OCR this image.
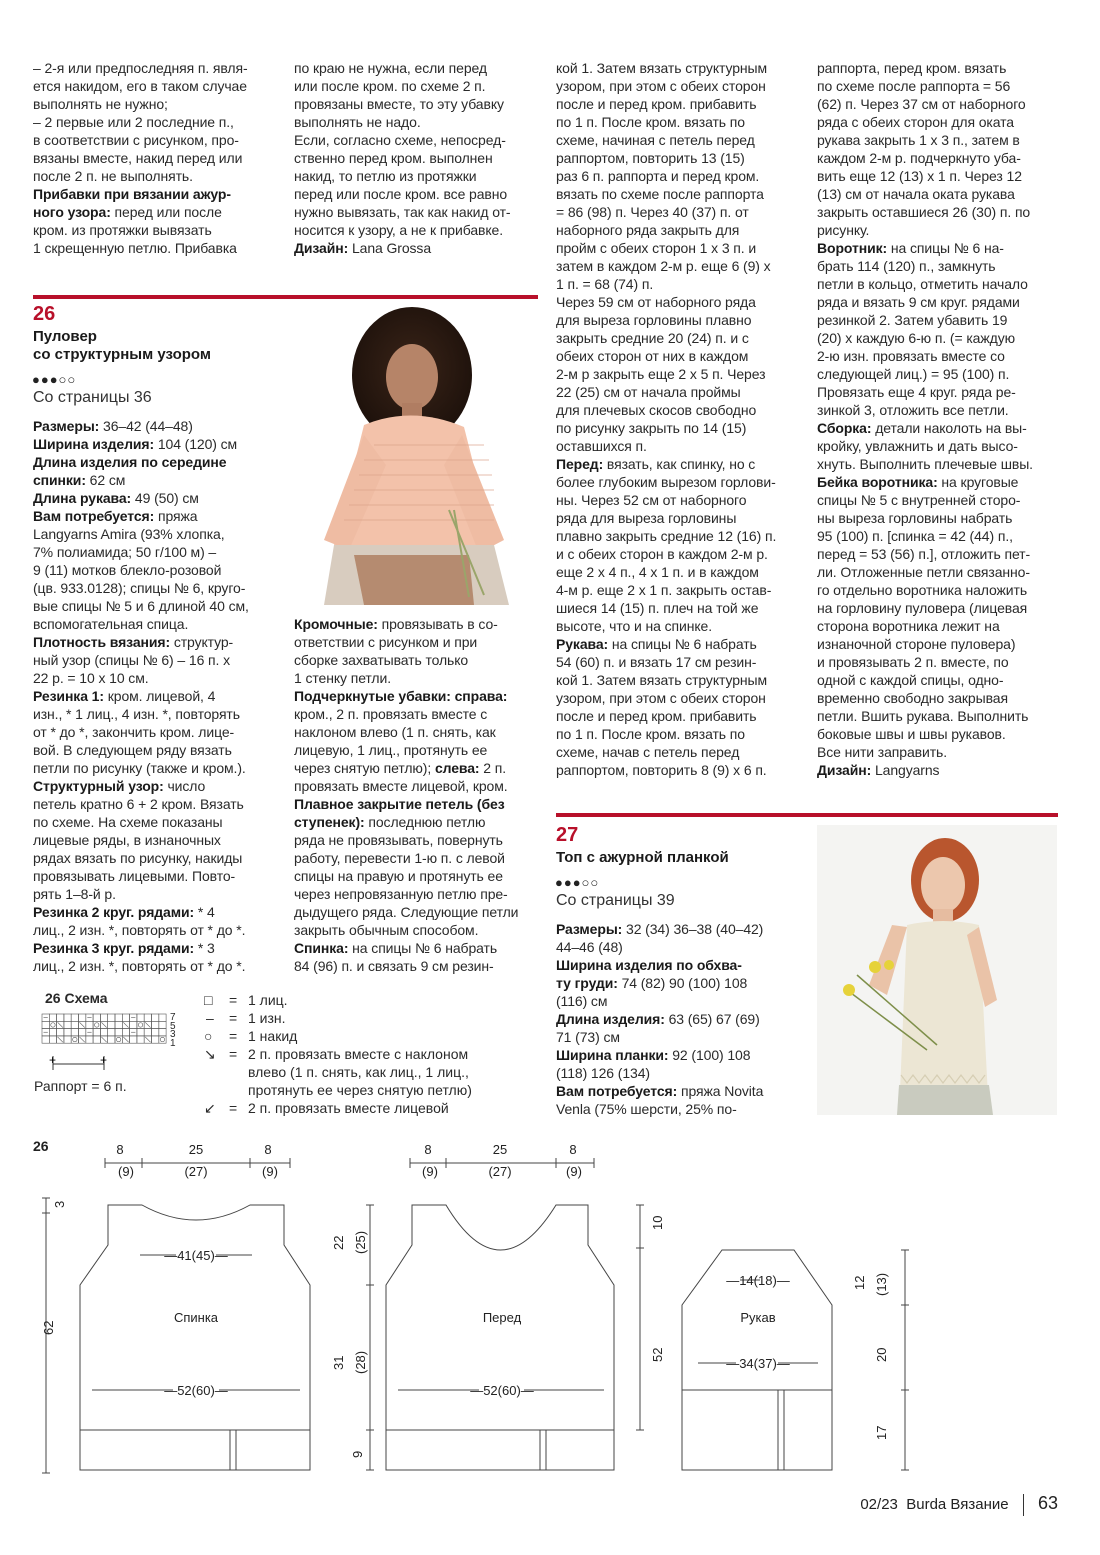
– 2-я или предпоследняя п. явля-

ется накидом, его в таком случае

выполнять не нужно;

– 2 первые или 2 последние п.,

в соответствии с рисунком, про-

вязаны вместе, накид перед или

после 2 п. не выполнять.

Прибавки при вязании ажур-

ного узора: перед или после

кром. из протяжки вывязать

1 скрещенную петлю. Прибавка

по краю не нужна, если перед

или после кром. по схеме 2 п.

провязаны вместе, то эту убавку

выполнять не надо.

Если, согласно схеме, непосред-

ственно перед кром. выполнен

накид, то петлю из протяжки

перед или после кром. все равно

нужно вывязать, так как накид от-

носится к узору, а не к прибавке.

Дизайн: Lana Grossa

26
Пуловер
со структурным узором
●●●○○
Со страницы 36

Размеры: 36–42 (44–48)

Ширина изделия: 104 (120) см

Длина изделия по середине

спинки: 62 см

Длина рукава: 49 (50) см

Вам потребуется: пряжа

Langyarns Amira (93% хлопка,

7% полиамида; 50 г/100 м) –

9 (11) мотков блекло-розовой

(цв. 933.0128); спицы № 6, круго-

вые спицы № 5 и 6 длиной 40 см,

вспомогательная спица.

Плотность вязания: структур-

ный узор (спицы № 6) – 16 п. х

22 р. = 10 х 10 см.

Резинка 1: кром. лицевой, 4

изн., * 1 лиц., 4 изн. *, повторять

от * до *, закончить кром. лице-

вой. В следующем ряду вязать

петли по рисунку (также и кром.).

Структурный узор: число

петель кратно 6 + 2 кром. Вязать

по схеме. На схеме показаны

лицевые ряды, в изнаночных

рядах вязать по рисунку, накиды

провязывать лицевыми. Повто-

рять 1–8-й р.

Резинка 2 круг. рядами: * 4

лиц., 2 изн. *, повторять от * до *.

Резинка 3 круг. рядами: * 3

лиц., 2 изн. *, повторять от * до *.

Кромочные: провязывать в со-

ответствии с рисунком и при

сборке захватывать только

1 стенку петли.

Подчеркнутые убавки: справа:

кром., 2 п. провязать вместе с

наклоном влево (1 п. снять, как

лицевую, 1 лиц., протянуть ее

через снятую петлю); слева: 2 п.

провязать вместе лицевой, кром.

Плавное закрытие петель (без

ступенек): последнюю петлю

ряда не провязывать, повернуть

работу, перевести 1-ю п. с левой

спицы на правую и протянуть ее

через непровязанную петлю пре-

дыдущего ряда. Следующие петли

закрыть обычным способом.

Спинка: на спицы № 6 набрать

84 (96) п. и связать 9 см резин-

кой 1. Затем вязать структурным

узором, при этом с обеих сторон

после и перед кром. прибавить

по 1 п. После кром. вязать по

схеме, начиная с петель перед

раппортом, повторить 13 (15)

раз 6 п. раппорта и перед кром.

вязать по схеме после раппорта

= 86 (98) п. Через 40 (37) п. от

наборного ряда закрыть для

пройм с обеих сторон 1 х 3 п. и

затем в каждом 2-м р. еще 6 (9) х

1 п. = 68 (74) п.

Через 59 см от наборного ряда

для выреза горловины плавно

закрыть средние 20 (24) п. и с

обеих сторон от них в каждом

2-м р закрыть еще 2 х 5 п. Через

22 (25) см от начала проймы

для плечевых скосов свободно

по рисунку закрыть по 14 (15)

оставшихся п.

Перед: вязать, как спинку, но с

более глубоким вырезом горлови-

ны. Через 52 см от наборного

ряда для выреза горловины

плавно закрыть средние 12 (16) п.

и с обеих сторон в каждом 2-м р.

еще 2 х 4 п., 4 х 1 п. и в каждом

4-м р. еще 2 х 1 п. закрыть остав-

шиеся 14 (15) п. плеч на той же

высоте, что и на спинке.

Рукава: на спицы № 6 набрать

54 (60) п. и вязать 17 см резин-

кой 1. Затем вязать структурным

узором, при этом с обеих сторон

после и перед кром. прибавить

по 1 п. После кром. вязать по

схеме, начав с петель перед

раппортом, повторить 8 (9) х 6 п.

раппорта, перед кром. вязать

по схеме после раппорта = 56

(62) п. Через 37 см от наборного

ряда с обеих сторон для оката

рукава закрыть 1 х 3 п., затем в

каждом 2-м р. подчеркнуто уба-

вить еще 12 (13) х 1 п. Через 12

(13) см от начала оката рукава

закрыть оставшиеся 26 (30) п. по

рисунку.

Воротник: на спицы № 6 на-

брать 114 (120) п., замкнуть

петли в кольцо, отметить начало

ряда и вязать 9 см круг. рядами

резинкой 2. Затем убавить 19

(20) х каждую 6-ю п. (= каждую

2-ю изн. провязать вместе со

следующей лиц.) = 95 (100) п.

Провязать еще 4 круг. ряда ре-

зинкой 3, отложить все петли.

Сборка: детали наколоть на вы-

кройку, увлажнить и дать высо-

хнуть. Выполнить плечевые швы.

Бейка воротника: на круговые

спицы № 5 с внутренней сторо-

ны выреза горловины набрать

95 (100) п. [спинка = 42 (44) п.,

перед = 53 (56) п.], отложить пет-

ли. Отложенные петли связанно-

го отдельно воротника наложить

на горловину пуловера (лицевая

сторона воротника лежит на

изнаночной стороне пуловера)

и провязывать 2 п. вместе, по

одной с каждой спицы, одно-

временно свободно закрывая

петли. Вшить рукава. Выполнить

боковые швы и швы рукавов.

Все нити заправить.

Дизайн: Langyarns

27
Топ с ажурной планкой
●●●○○
Со страницы 39

Размеры: 32 (34) 36–38 (40–42)

44–46 (48)

Ширина изделия по обхва-

ту груди: 74 (82) 90 (100) 108

(116) см

Длина изделия: 63 (65) 67 (69)

71 (73) см

Ширина планки: 92 (100) 108

(118) 126 (134)

Вам потребуется: пряжа Novita

Venla (75% шерсти, 25% по-

26 Схема
+	+
7
5
3
1
Раппорт = 6 п.
□ = 1 лиц.
– = 1 изн.
○ = 1 накид
↘ = 2 п. провязать вместе с наклоном
влево (1 п. снять, как лиц., 1 лиц.,
протянуть ее через снятую петлю)
↙ = 2 п. провязать вместе лицевой
26	8	25	8
(9)	(27)	(9)
—41(45)—
Спинка
—52(60)—
62
3
8	25	8
(9)	(27)	(9)
Перед
—52(60)—
22 (25)
31 (28)
9
10
52
—14(18)—
Рукав
—34(37)—
12 (13)
20
17
02/23 Burda Вязание 63
